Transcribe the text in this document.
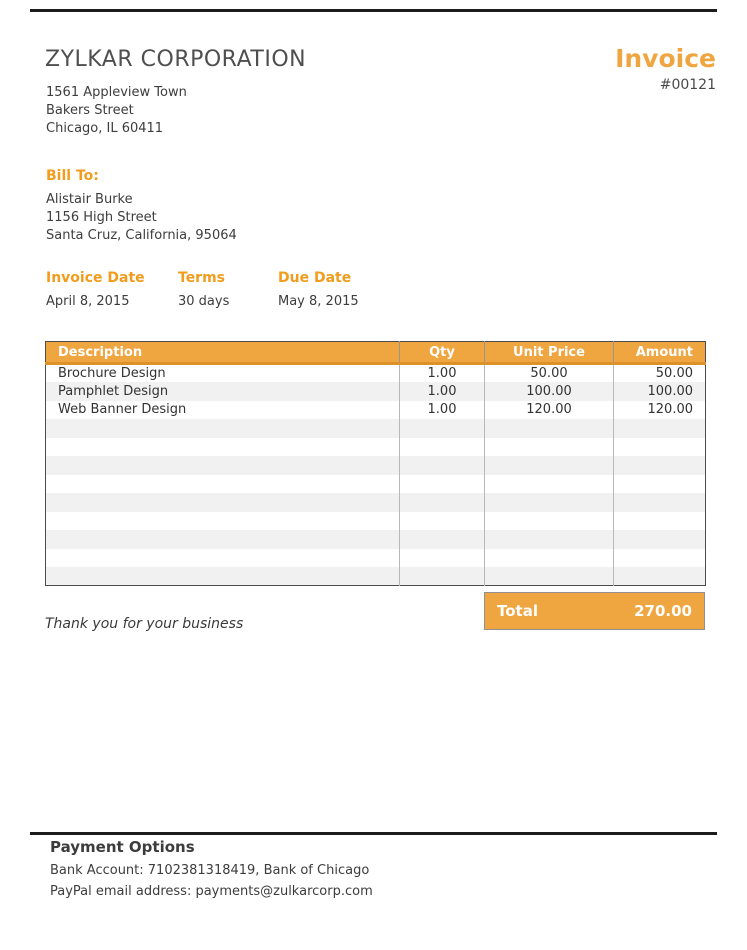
ZYLKAR CORPORATION
1561 Appleview Town
Bakers Street
Chicago, IL 60411
Invoice
#00121
Bill To:
Alistair Burke
1156 High Street
Santa Cruz, California, 95064
Invoice Date
April 8, 2015
Terms
30 days
Due Date
May 8, 2015
Description	Qty	Unit Price	Amount
Brochure Design	1.00	50.00	50.00
Pamphlet Design	1.00	100.00	100.00
Web Banner Design	1.00	120.00	120.00

Total	270.00
Thank you for your business
Payment Options
Bank Account: 7102381318419, Bank of Chicago
PayPal email address: payments@zulkarcorp.com
